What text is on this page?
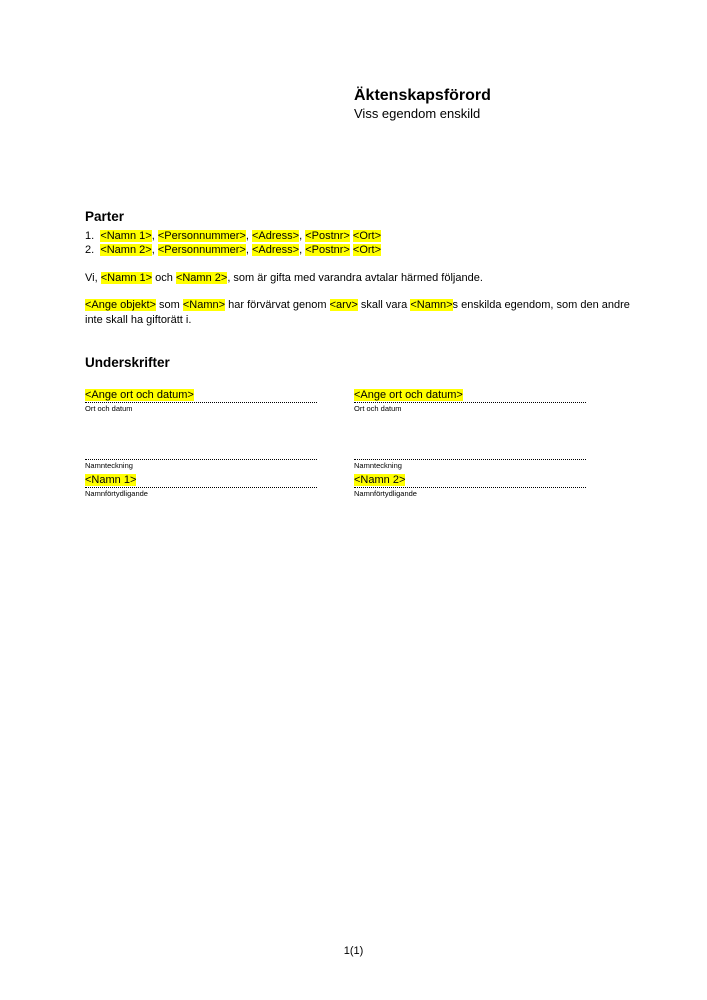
Äktenskapsförord
Viss egendom enskild
Parter
1. <Namn 1>, <Personnummer>, <Adress>, <Postnr> <Ort>
2. <Namn 2>, <Personnummer>, <Adress>, <Postnr> <Ort>
Vi, <Namn 1> och <Namn 2>, som är gifta med varandra avtalar härmed följande.
<Ange objekt> som <Namn> har förvärvat genom <arv> skall vara <Namn>s enskilda egendom, som den andre inte skall ha giftorätt i.
Underskrifter
<Ange ort och datum>	<Ange ort och datum>
Ort och datum	Ort och datum
Namnteckning	Namnteckning
<Namn 1>	<Namn 2>
Namnförtydligande	Namnförtydligande
1(1)
